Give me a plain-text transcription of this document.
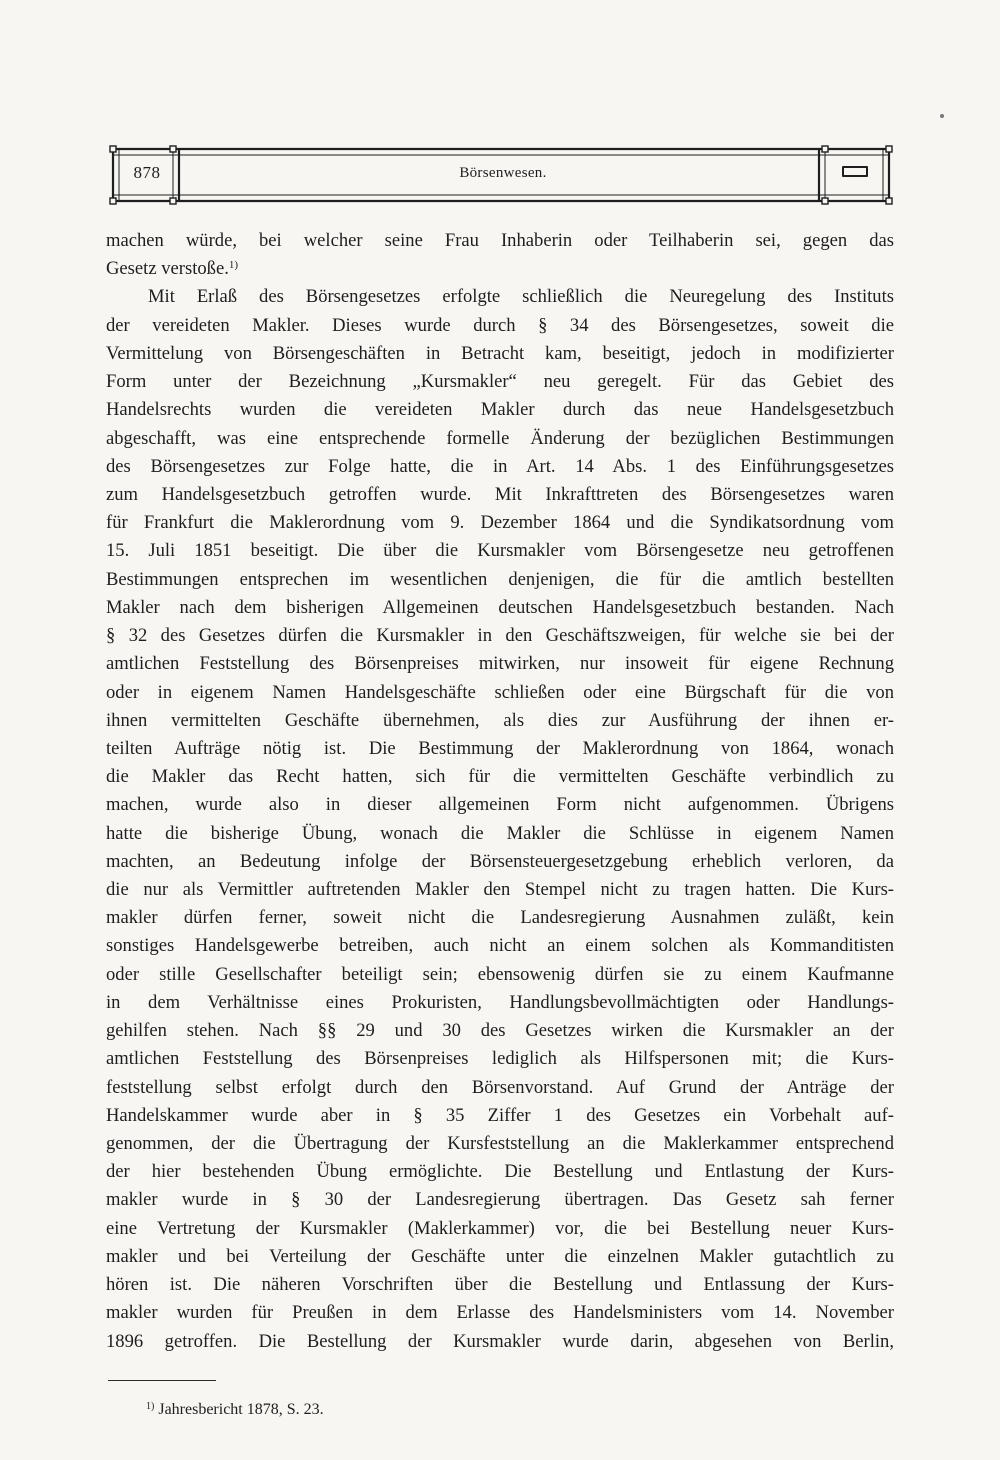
878	Börsenwesen.
machen würde, bei welcher seine Frau Inhaberin oder Teilhaberin sei, gegen das
Gesetz verstoße.$^{1)}$
Mit Erlaß des Börsengesetzes erfolgte schließlich die Neuregelung des Instituts
der vereideten Makler. Dieses wurde durch § 34 des Börsengesetzes, soweit die
Vermittelung von Börsengeschäften in Betracht kam, beseitigt, jedoch in modifizierter
Form unter der Bezeichnung „Kursmakler“ neu geregelt. Für das Gebiet des
Handelsrechts wurden die vereideten Makler durch das neue Handelsgesetzbuch
abgeschafft, was eine entsprechende formelle Änderung der bezüglichen Bestimmungen
des Börsengesetzes zur Folge hatte, die in Art. 14 Abs. 1 des Einführungsgesetzes
zum Handelsgesetzbuch getroffen wurde. Mit Inkrafttreten des Börsengesetzes waren
für Frankfurt die Maklerordnung vom 9. Dezember 1864 und die Syndikatsordnung vom
15. Juli 1851 beseitigt. Die über die Kursmakler vom Börsengesetze neu getroffenen
Bestimmungen entsprechen im wesentlichen denjenigen, die für die amtlich bestellten
Makler nach dem bisherigen Allgemeinen deutschen Handelsgesetzbuch bestanden. Nach
§ 32 des Gesetzes dürfen die Kursmakler in den Geschäftszweigen, für welche sie bei der
amtlichen Feststellung des Börsenpreises mitwirken, nur insoweit für eigene Rechnung
oder in eigenem Namen Handelsgeschäfte schließen oder eine Bürgschaft für die von
ihnen vermittelten Geschäfte übernehmen, als dies zur Ausführung der ihnen er-
teilten Aufträge nötig ist. Die Bestimmung der Maklerordnung von 1864, wonach
die Makler das Recht hatten, sich für die vermittelten Geschäfte verbindlich zu
machen, wurde also in dieser allgemeinen Form nicht aufgenommen. Übrigens
hatte die bisherige Übung, wonach die Makler die Schlüsse in eigenem Namen
machten, an Bedeutung infolge der Börsensteuergesetzgebung erheblich verloren, da
die nur als Vermittler auftretenden Makler den Stempel nicht zu tragen hatten. Die Kurs-
makler dürfen ferner, soweit nicht die Landesregierung Ausnahmen zuläßt, kein
sonstiges Handelsgewerbe betreiben, auch nicht an einem solchen als Kommanditisten
oder stille Gesellschafter beteiligt sein; ebensowenig dürfen sie zu einem Kaufmanne
in dem Verhältnisse eines Prokuristen, Handlungsbevollmächtigten oder Handlungs-
gehilfen stehen. Nach §§ 29 und 30 des Gesetzes wirken die Kursmakler an der
amtlichen Feststellung des Börsenpreises lediglich als Hilfspersonen mit; die Kurs-
feststellung selbst erfolgt durch den Börsenvorstand. Auf Grund der Anträge der
Handelskammer wurde aber in § 35 Ziffer 1 des Gesetzes ein Vorbehalt auf-
genommen, der die Übertragung der Kursfeststellung an die Maklerkammer entsprechend
der hier bestehenden Übung ermöglichte. Die Bestellung und Entlastung der Kurs-
makler wurde in § 30 der Landesregierung übertragen. Das Gesetz sah ferner
eine Vertretung der Kursmakler (Maklerkammer) vor, die bei Bestellung neuer Kurs-
makler und bei Verteilung der Geschäfte unter die einzelnen Makler gutachtlich zu
hören ist. Die näheren Vorschriften über die Bestellung und Entlassung der Kurs-
makler wurden für Preußen in dem Erlasse des Handelsministers vom 14. November
1896 getroffen. Die Bestellung der Kursmakler wurde darin, abgesehen von Berlin,
$^{1)}$ Jahresbericht 1878, S. 23.
